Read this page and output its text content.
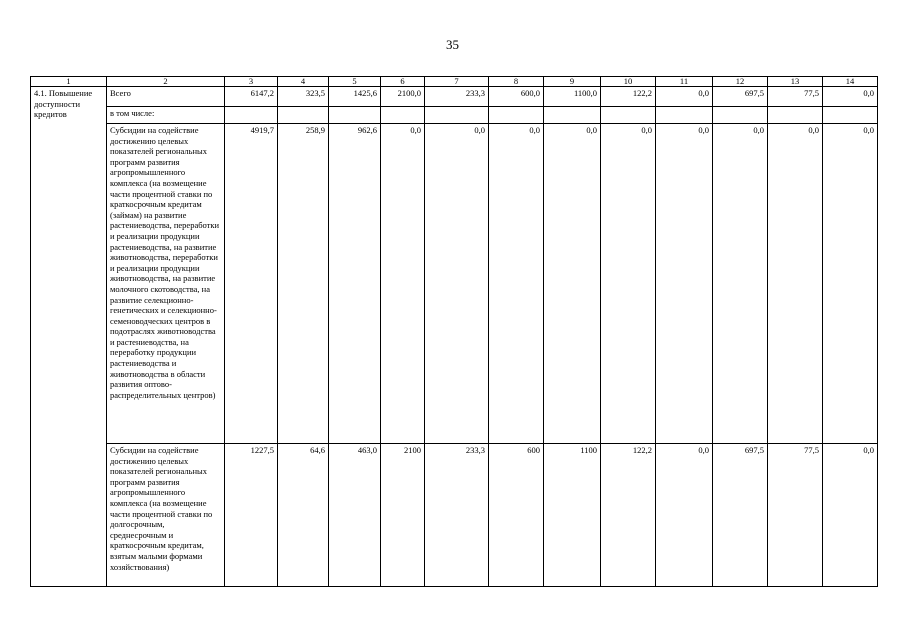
35
1	2	3	4	5	6	7	8	9	10	11	12	13	14
4.1. Повышение доступности кредитов	Всего	6147,2	323,5	1425,6	2100,0	233,3	600,0	1100,0	122,2	0,0	697,5	77,5	0,0
	в том числе:												
	Субсидии на содействие достижению целевых показателей региональных программ развития агропромышленного комплекса (на возмещение части процентной ставки по краткосрочным кредитам (займам) на развитие растениеводства, переработки и реализации продукции растениеводства, на развитие животноводства, переработки и реализации продукции животноводства, на развитие молочного скотоводства, на развитие селекционно-генетических и селекционно-семеноводческих центров в подотраслях животноводства и растениеводства, на переработку продукции растениеводства и животноводства в области развития оптово-распределительных центров)	4919,7	258,9	962,6	0,0	0,0	0,0	0,0	0,0	0,0	0,0	0,0	0,0
	Субсидии на содействие достижению целевых показателей региональных программ развития агропромышленного комплекса (на возмещение части процентной ставки по долгосрочным, среднесрочным и краткосрочным кредитам, взятым малыми формами хозяйствования)	1227,5	64,6	463,0	2100	233,3	600	1100	122,2	0,0	697,5	77,5	0,0
